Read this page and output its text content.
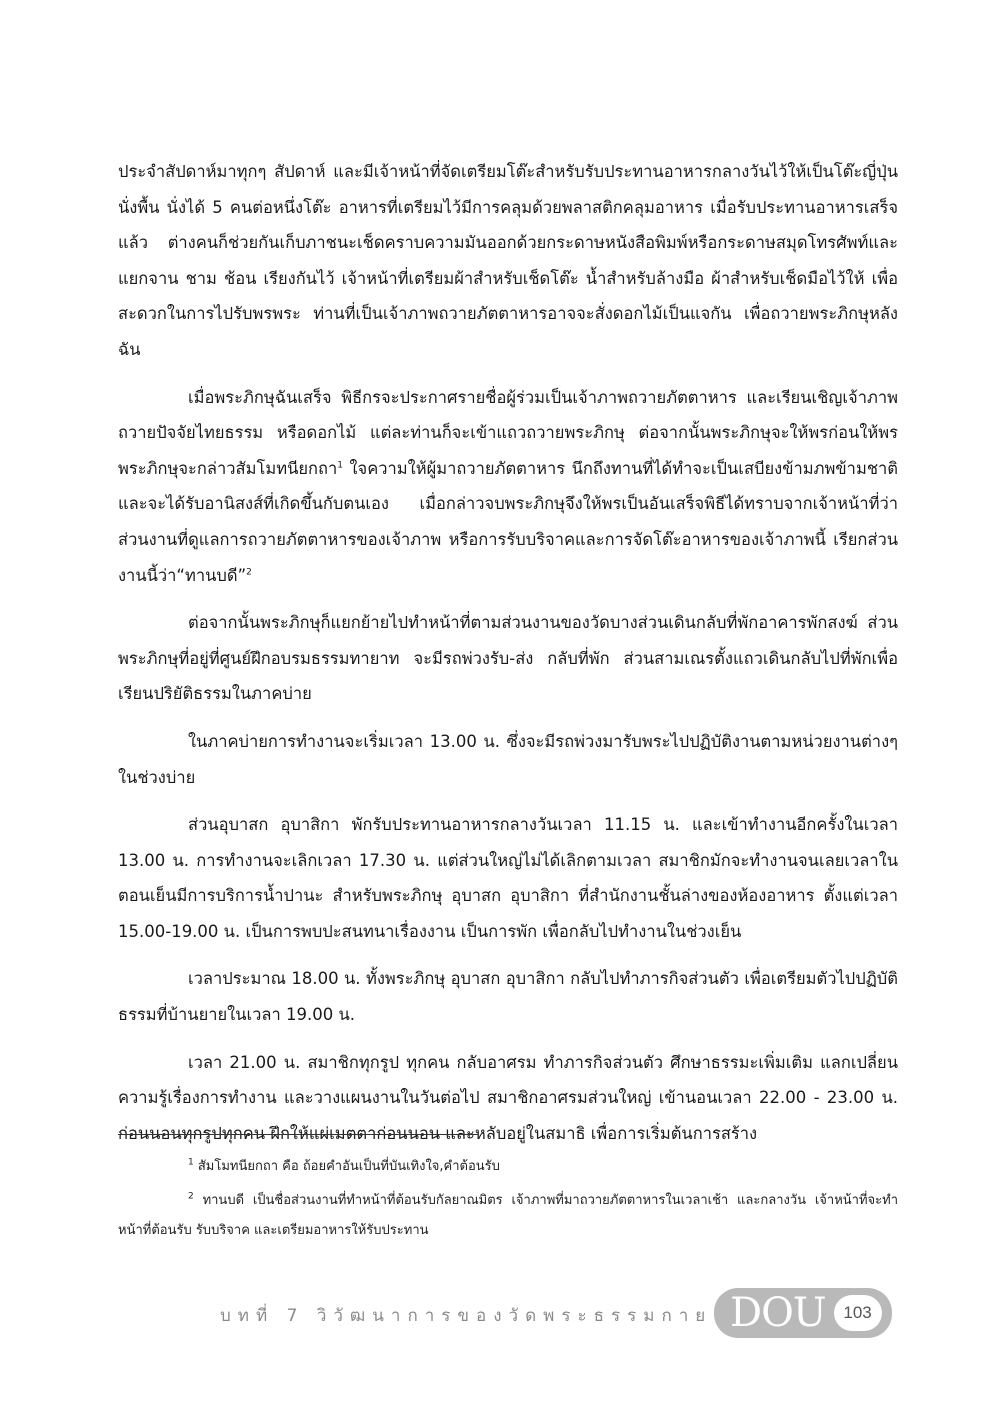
ประจำสัปดาห์มาทุกๆ สัปดาห์ และมีเจ้าหน้าที่จัดเตรียมโต๊ะสำหรับรับประทานอาหารกลางวันไว้ให้เป็นโต๊ะญี่ปุ่น นั่งพื้น นั่งได้ 5 คนต่อหนึ่งโต๊ะ อาหารที่เตรียมไว้มีการคลุมด้วยพลาสติกคลุมอาหาร เมื่อรับประทานอาหารเสร็จแล้ว ต่างคนก็ช่วยกันเก็บภาชนะเช็ดคราบความมันออกด้วยกระดาษหนังสือพิมพ์หรือกระดาษสมุดโทรศัพท์และแยกจาน ชาม ช้อน เรียงกันไว้ เจ้าหน้าที่เตรียมผ้าสำหรับเช็ดโต๊ะ น้ำสำหรับล้างมือ ผ้าสำหรับเช็ดมือไว้ให้ เพื่อสะดวกในการไปรับพรพระ ท่านที่เป็นเจ้าภาพถวายภัตตาหารอาจจะสั่งดอกไม้เป็นแจกัน เพื่อถวายพระภิกษุหลังฉัน

เมื่อพระภิกษุฉันเสร็จ พิธีกรจะประกาศรายชื่อผู้ร่วมเป็นเจ้าภาพถวายภัตตาหาร และเรียนเชิญเจ้าภาพถวายปัจจัยไทยธรรม หรือดอกไม้ แต่ละท่านก็จะเข้าแถวถวายพระภิกษุ ต่อจากนั้นพระภิกษุจะให้พรก่อนให้พรพระภิกษุจะกล่าวสัมโมทนียกถา$^1$ ใจความให้ผู้มาถวายภัตตาหาร นึกถึงทานที่ได้ทำจะเป็นเสบียงข้ามภพข้ามชาติ และจะได้รับอานิสงส์ที่เกิดขึ้นกับตนเอง เมื่อกล่าวจบพระภิกษุจึงให้พรเป็นอันเสร็จพิธีได้ทราบจากเจ้าหน้าที่ว่า ส่วนงานที่ดูแลการถวายภัตตาหารของเจ้าภาพ หรือการรับบริจาคและการจัดโต๊ะอาหารของเจ้าภาพนี้ เรียกส่วนงานนี้ว่า“ทานบดี”$^2$

ต่อจากนั้นพระภิกษุก็แยกย้ายไปทำหน้าที่ตามส่วนงานของวัดบางส่วนเดินกลับที่พักอาคารพักสงฆ์ ส่วนพระภิกษุที่อยู่ที่ศูนย์ฝึกอบรมธรรมทายาท จะมีรถพ่วงรับ-ส่ง กลับที่พัก ส่วนสามเณรตั้งแถวเดินกลับไปที่พักเพื่อเรียนปริยัติธรรมในภาคบ่าย

ในภาคบ่ายการทำงานจะเริ่มเวลา 13.00 น. ซึ่งจะมีรถพ่วงมารับพระไปปฏิบัติงานตามหน่วยงานต่างๆ ในช่วงบ่าย

ส่วนอุบาสก อุบาสิกา พักรับประทานอาหารกลางวันเวลา 11.15 น. และเข้าทำงานอีกครั้งในเวลา 13.00 น. การทำงานจะเลิกเวลา 17.30 น. แต่ส่วนใหญ่ไม่ได้เลิกตามเวลา สมาชิกมักจะทำงานจนเลยเวลาในตอนเย็นมีการบริการน้ำปานะ สำหรับพระภิกษุ อุบาสก อุบาสิกา ที่สำนักงานชั้นล่างของห้องอาหาร ตั้งแต่เวลา 15.00-19.00 น. เป็นการพบปะสนทนาเรื่องงาน เป็นการพัก เพื่อกลับไปทำงานในช่วงเย็น

เวลาประมาณ 18.00 น. ทั้งพระภิกษุ อุบาสก อุบาสิกา กลับไปทำภารกิจส่วนตัว เพื่อเตรียมตัวไปปฏิบัติธรรมที่บ้านยายในเวลา 19.00 น.

เวลา 21.00 น. สมาชิกทุกรูป ทุกคน กลับอาศรม ทำภารกิจส่วนตัว ศึกษาธรรมะเพิ่มเติม แลกเปลี่ยนความรู้เรื่องการทำงาน และวางแผนงานในวันต่อไป สมาชิกอาศรมส่วนใหญ่ เข้านอนเวลา 22.00 - 23.00 น. ก่อนนอนทุกรูปทุกคน ฝึกให้แผ่เมตตาก่อนนอน และหลับอยู่ในสมาธิ เพื่อการเริ่มต้นการสร้าง

$^1$ สัมโมทนียกถา คือ ถ้อยคำอันเป็นที่บันเทิงใจ,คำต้อนรับ

$^2$ ทานบดี เป็นชื่อส่วนงานที่ทำหน้าที่ต้อนรับกัลยาณมิตร เจ้าภาพที่มาถวายภัตตาหารในเวลาเช้า และกลางวัน เจ้าหน้าที่จะทำหน้าที่ต้อนรับ รับบริจาค และเตรียมอาหารให้รับประทาน

บทที่ 7 วิวัฒนาการของวัดพระธรรมกาย DOU	103
